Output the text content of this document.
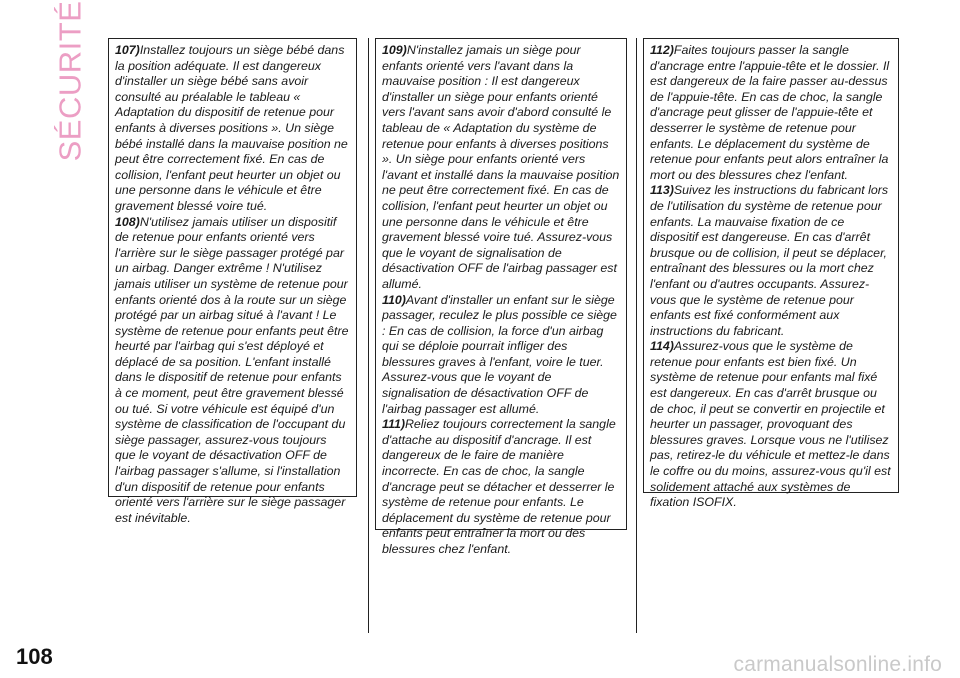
SÉCURITÉ 107)Installez toujours un siège bébé dans la position adéquate. Il est dangereux d'installer un siège bébé sans avoir consulté au préalable le tableau « Adaptation du dispositif de retenue pour enfants à diverses positions ». Un siège bébé installé dans la mauvaise position ne peut être correctement fixé. En cas de collision, l'enfant peut heurter un objet ou une personne dans le véhicule et être gravement blessé voire tué.

108)N'utilisez jamais utiliser un dispositif de retenue pour enfants orienté vers l'arrière sur le siège passager protégé par un airbag. Danger extrême ! N'utilisez jamais utiliser un système de retenue pour enfants orienté dos à la route sur un siège protégé par un airbag situé à l'avant ! Le système de retenue pour enfants peut être heurté par l'airbag qui s'est déployé et déplacé de sa position. L'enfant installé dans le dispositif de retenue pour enfants à ce moment, peut être gravement blessé ou tué. Si votre véhicule est équipé d'un système de classification de l'occupant du siège passager, assurez-vous toujours que le voyant de désactivation OFF de l'airbag passager s'allume, si l'installation d'un dispositif de retenue pour enfants orienté vers l'arrière sur le siège passager est inévitable.

109)N'installez jamais un siège pour enfants orienté vers l'avant dans la mauvaise position : Il est dangereux d'installer un siège pour enfants orienté vers l'avant sans avoir d'abord consulté le tableau de « Adaptation du système de retenue pour enfants à diverses positions ». Un siège pour enfants orienté vers l'avant et installé dans la mauvaise position ne peut être correctement fixé. En cas de collision, l'enfant peut heurter un objet ou une personne dans le véhicule et être gravement blessé voire tué. Assurez-vous que le voyant de signalisation de désactivation OFF de l'airbag passager est allumé.

110)Avant d'installer un enfant sur le siège passager, reculez le plus possible ce siège : En cas de collision, la force d'un airbag qui se déploie pourrait infliger des blessures graves à l'enfant, voire le tuer. Assurez-vous que le voyant de signalisation de désactivation OFF de l'airbag passager est allumé.

111)Reliez toujours correctement la sangle d'attache au dispositif d'ancrage. Il est dangereux de le faire de manière incorrecte. En cas de choc, la sangle d'ancrage peut se détacher et desserrer le système de retenue pour enfants. Le déplacement du système de retenue pour enfants peut entraîner la mort ou des blessures chez l'enfant.

112)Faites toujours passer la sangle d'ancrage entre l'appuie-tête et le dossier. Il est dangereux de la faire passer au-dessus de l'appuie-tête. En cas de choc, la sangle d'ancrage peut glisser de l'appuie-tête et desserrer le système de retenue pour enfants. Le déplacement du système de retenue pour enfants peut alors entraîner la mort ou des blessures chez l'enfant.

113)Suivez les instructions du fabricant lors de l'utilisation du système de retenue pour enfants. La mauvaise fixation de ce dispositif est dangereuse. En cas d'arrêt brusque ou de collision, il peut se déplacer, entraînant des blessures ou la mort chez l'enfant ou d'autres occupants. Assurez-vous que le système de retenue pour enfants est fixé conformément aux instructions du fabricant.

114)Assurez-vous que le système de retenue pour enfants est bien fixé. Un système de retenue pour enfants mal fixé est dangereux. En cas d'arrêt brusque ou de choc, il peut se convertir en projectile et heurter un passager, provoquant des blessures graves. Lorsque vous ne l'utilisez pas, retirez-le du véhicule et mettez-le dans le coffre ou du moins, assurez-vous qu'il est solidement attaché aux systèmes de fixation ISOFIX.

108	carmanualsonline.info
